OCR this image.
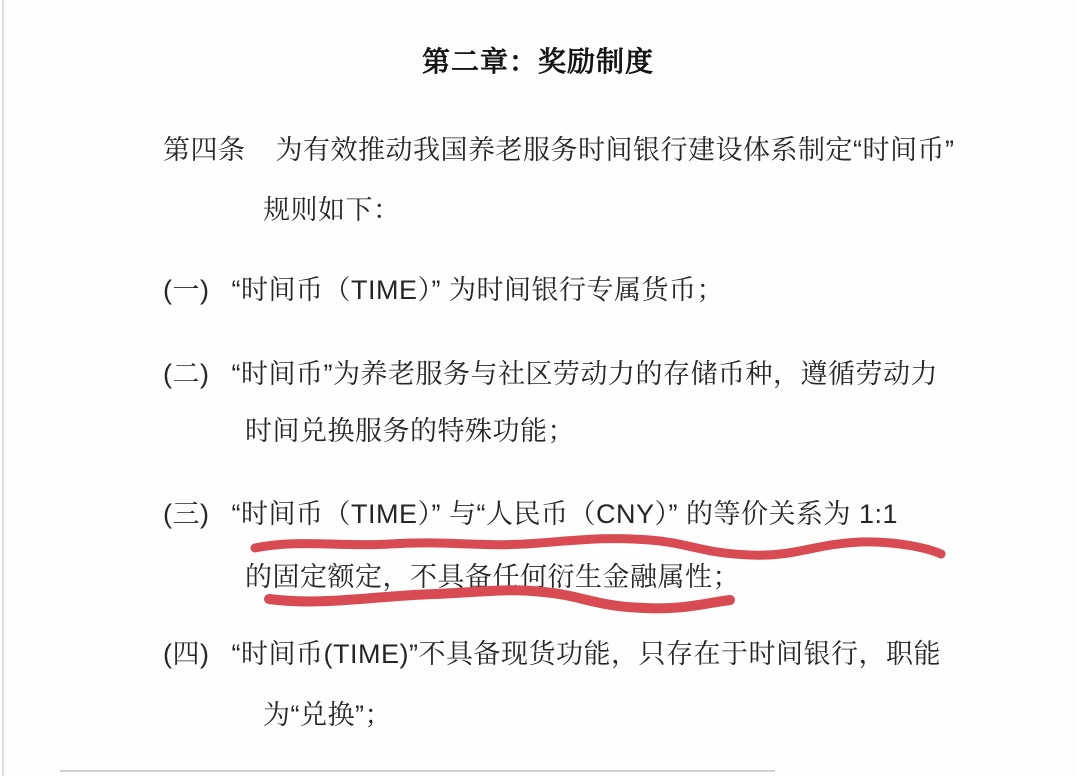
第二章：奖励制度
第四条 为有效推动我国养老服务时间银行建设体系制定“时间币”
规则如下：
(一) “时间币（TIME）” 为时间银行专属货币；
(二) “时间币”为养老服务与社区劳动力的存储币种，遵循劳动力
时间兑换服务的特殊功能；
(三) “时间币（TIME）” 与“人民币（CNY）” 的等价关系为 1:1
的固定额定，不具备任何衍生金融属性；
(四) “时间币(TIME)”不具备现货功能，只存在于时间银行，职能
为“兑换”；
